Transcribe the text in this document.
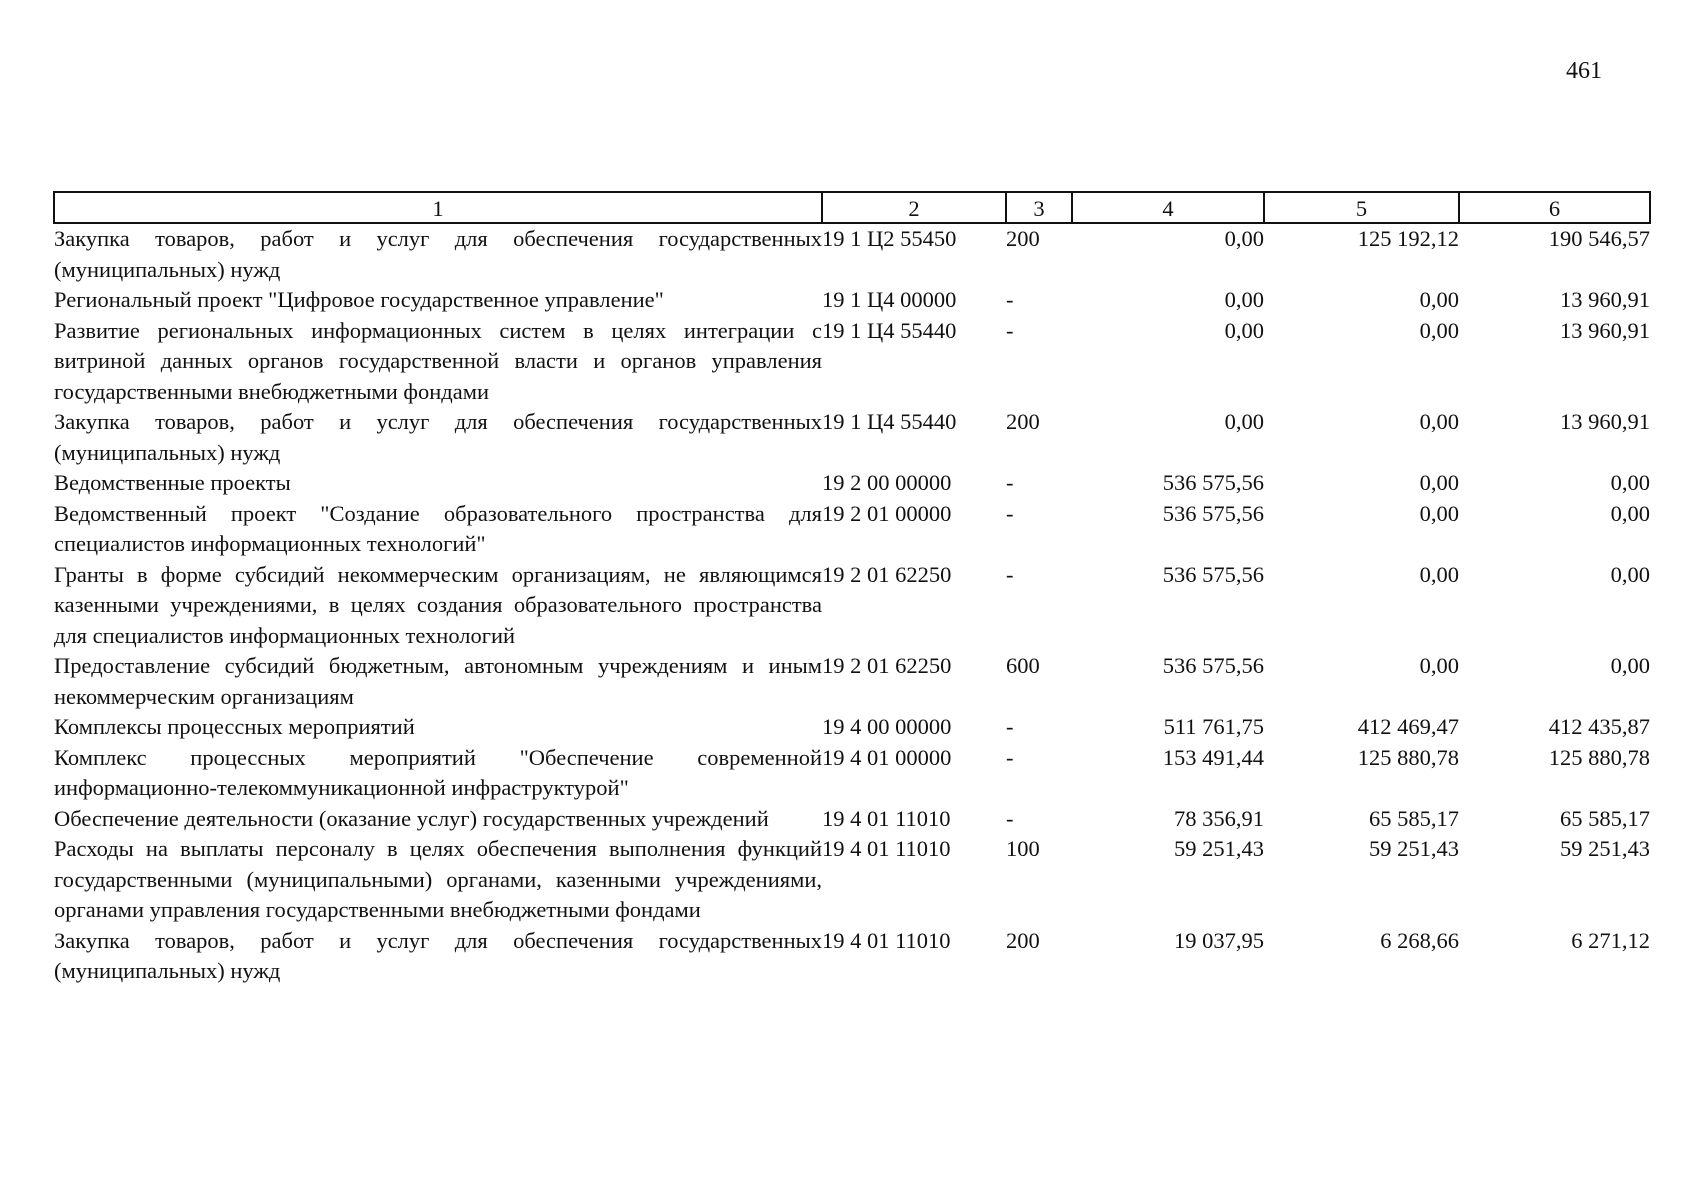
461
1	2	3	4	5	6
Закупка товаров, работ и услуг для обеспечения государственных (муниципальных) нужд	19 1 Ц2 55450	200	0,00	125 192,12	190 546,57
Региональный проект "Цифровое государственное управление"	19 1 Ц4 00000	-	0,00	0,00	13 960,91
Развитие региональных информационных систем в целях интеграции с витриной данных органов государственной власти и органов управления государственными внебюджетными фондами	19 1 Ц4 55440	-	0,00	0,00	13 960,91
Закупка товаров, работ и услуг для обеспечения государственных (муниципальных) нужд	19 1 Ц4 55440	200	0,00	0,00	13 960,91
Ведомственные проекты	19 2 00 00000	-	536 575,56	0,00	0,00
Ведомственный проект "Создание образовательного пространства для специалистов информационных технологий"	19 2 01 00000	-	536 575,56	0,00	0,00
Гранты в форме субсидий некоммерческим организациям, не являющимся казенными учреждениями, в целях создания образовательного пространства для специалистов информационных технологий	19 2 01 62250	-	536 575,56	0,00	0,00
Предоставление субсидий бюджетным, автономным учреждениям и иным некоммерческим организациям	19 2 01 62250	600	536 575,56	0,00	0,00
Комплексы процессных мероприятий	19 4 00 00000	-	511 761,75	412 469,47	412 435,87
Комплекс процессных мероприятий "Обеспечение современной информационно-телекоммуникационной инфраструктурой"	19 4 01 00000	-	153 491,44	125 880,78	125 880,78
Обеспечение деятельности (оказание услуг) государственных учреждений	19 4 01 11010	-	78 356,91	65 585,17	65 585,17
Расходы на выплаты персоналу в целях обеспечения выполнения функций государственными (муниципальными) органами, казенными учреждениями, органами управления государственными внебюджетными фондами	19 4 01 11010	100	59 251,43	59 251,43	59 251,43
Закупка товаров, работ и услуг для обеспечения государственных (муниципальных) нужд	19 4 01 11010	200	19 037,95	6 268,66	6 271,12
